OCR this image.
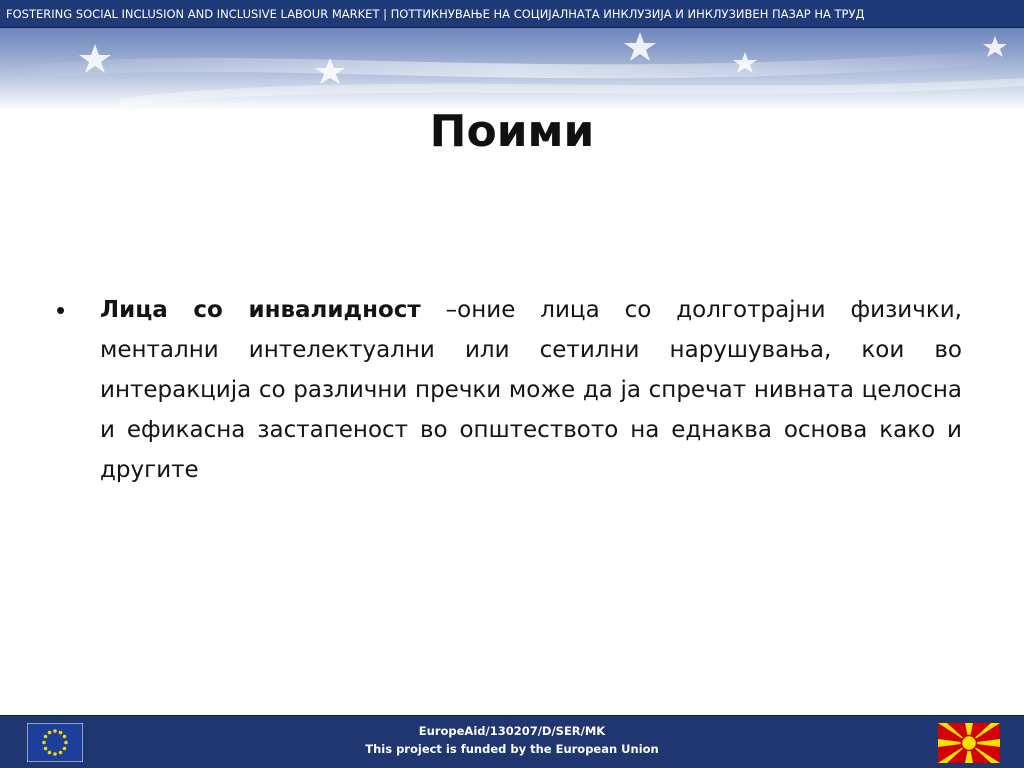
FOSTERING SOCIAL INCLUSION AND INCLUSIVE LABOUR MARKET | ПОТТИКНУВАЊЕ НА СОЦИЈАЛНАТА ИНКЛУЗИЈА И ИНКЛУЗИВЕН ПАЗАР НА ТРУД
Поими
• Лица со инвалидност –оние лица со долготрајни физички, ментални интелектуални или сетилни нарушувања, кои во интеракција со различни пречки може да ја спречат нивната целосна и ефикасна застапеност во општеството на еднаква основа како и другите
EuropeAid/130207/D/SER/MK
This project is funded by the European Union
